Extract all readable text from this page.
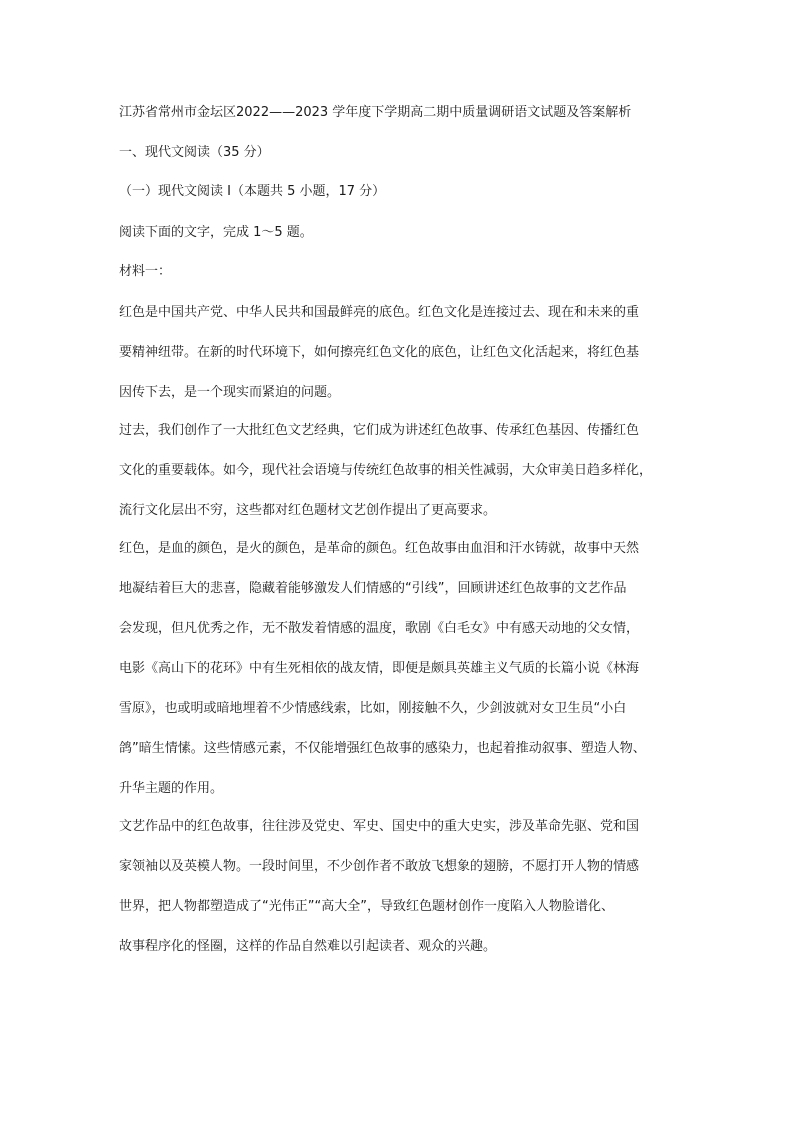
江苏省常州市金坛区2022——2023 学年度下学期高二期中质量调研语文试题及答案解析
一、现代文阅读（35 分）
（一）现代文阅读 I（本题共 5 小题，17 分）
阅读下面的文字，完成 1～5 题。
材料一：
红色是中国共产党、中华人民共和国最鲜亮的底色。红色文化是连接过去、现在和未来的重
要精神纽带。在新的时代环境下，如何擦亮红色文化的底色，让红色文化活起来，将红色基
因传下去，是一个现实而紧迫的问题。
过去，我们创作了一大批红色文艺经典，它们成为讲述红色故事、传承红色基因、传播红色
文化的重要载体。如今，现代社会语境与传统红色故事的相关性减弱，大众审美日趋多样化，
流行文化层出不穷，这些都对红色题材文艺创作提出了更高要求。
红色，是血的颜色，是火的颜色，是革命的颜色。红色故事由血泪和汗水铸就，故事中天然
地凝结着巨大的悲喜，隐藏着能够激发人们情感的“引线”，回顾讲述红色故事的文艺作品
会发现，但凡优秀之作，无不散发着情感的温度，歌剧《白毛女》中有感天动地的父女情，
电影《高山下的花环》中有生死相依的战友情，即便是颇具英雄主义气质的长篇小说《林海
雪原》，也或明或暗地埋着不少情感线索，比如，刚接触不久，少剑波就对女卫生员“小白
鸽”暗生情愫。这些情感元素，不仅能增强红色故事的感染力，也起着推动叙事、塑造人物、
升华主题的作用。
文艺作品中的红色故事，往往涉及党史、军史、国史中的重大史实，涉及革命先驱、党和国
家领袖以及英模人物。一段时间里，不少创作者不敢放飞想象的翅膀，不愿打开人物的情感
世界，把人物都塑造成了“光伟正”“高大全”，导致红色题材创作一度陷入人物脸谱化、
故事程序化的怪圈，这样的作品自然难以引起读者、观众的兴趣。
